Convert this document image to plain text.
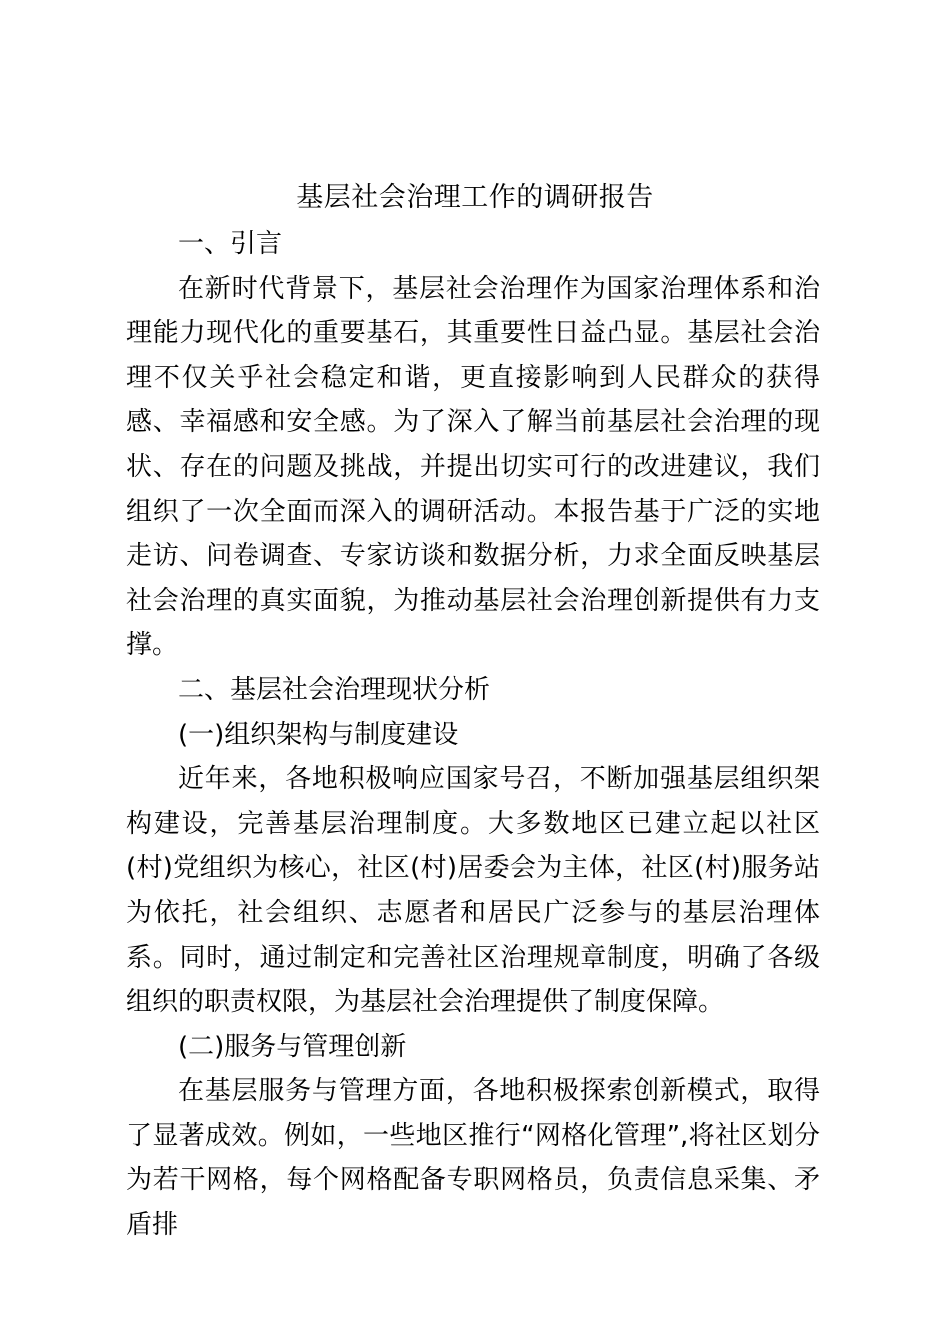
基层社会治理工作的调研报告
一、引言

在新时代背景下，基层社会治理作为国家治理体系和治理能力现代化的重要基石，其重要性日益凸显。基层社会治理不仅关乎社会稳定和谐，更直接影响到人民群众的获得感、幸福感和安全感。为了深入了解当前基层社会治理的现状、存在的问题及挑战，并提出切实可行的改进建议，我们组织了一次全面而深入的调研活动。本报告基于广泛的实地走访、问卷调查、专家访谈和数据分析，力求全面反映基层社会治理的真实面貌，为推动基层社会治理创新提供有力支撑。

二、基层社会治理现状分析
(一)组织架构与制度建设

近年来，各地积极响应国家号召，不断加强基层组织架构建设，完善基层治理制度。大多数地区已建立起以社区(村)党组织为核心，社区(村)居委会为主体，社区(村)服务站为依托，社会组织、志愿者和居民广泛参与的基层治理体系。同时，通过制定和完善社区治理规章制度，明确了各级组织的职责权限，为基层社会治理提供了制度保障。

(二)服务与管理创新

在基层服务与管理方面，各地积极探索创新模式，取得了显著成效。例如，一些地区推行“网格化管理”,将社区划分为若干网格，每个网格配备专职网格员，负责信息采集、矛盾排
